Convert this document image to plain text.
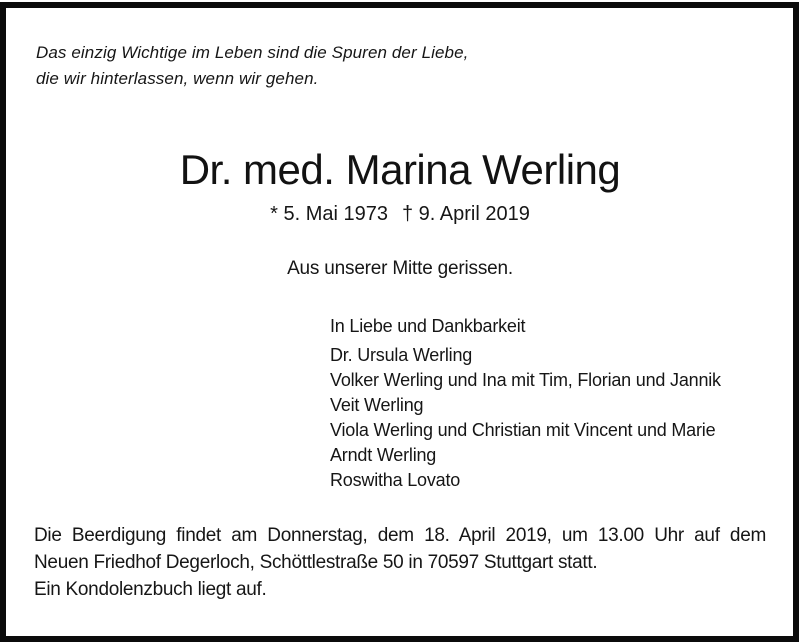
Das einzig Wichtige im Leben sind die Spuren der Liebe,
die wir hinterlassen, wenn wir gehen.
Dr. med. Marina Werling
* 5. Mai 1973 † 9. April 2019
Aus unserer Mitte gerissen.
In Liebe und Dankbarkeit
Dr. Ursula Werling
Volker Werling und Ina mit Tim, Florian und Jannik
Veit Werling
Viola Werling und Christian mit Vincent und Marie
Arndt Werling
Roswitha Lovato
Die Beerdigung findet am Donnerstag, dem 18. April 2019, um 13.00 Uhr auf dem
Neuen Friedhof Degerloch, Schöttlestraße 50 in 70597 Stuttgart statt.
Ein Kondolenzbuch liegt auf.
